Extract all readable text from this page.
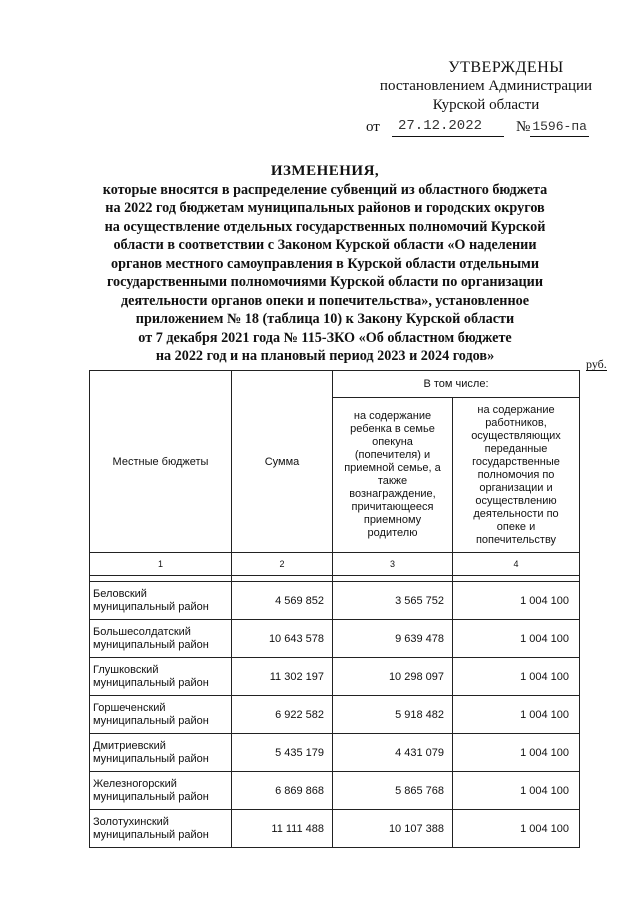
УТВЕРЖДЕНЫ
постановлением Администрации
Курской области
от	27.12.2022	№ 1596-па
ИЗМЕНЕНИЯ,
которые вносятся в распределение субвенций из областного бюджета
на 2022 год бюджетам муниципальных районов и городских округов
на осуществление отдельных государственных полномочий Курской
области в соответствии с Законом Курской области «О наделении
органов местного самоуправления в Курской области отдельными
государственными полномочиями Курской области по организации
деятельности органов опеки и попечительства», установленное
приложением № 18 (таблица 10) к Закону Курской области
от 7 декабря 2021 года № 115-ЗКО «Об областном бюджете
на 2022 год и на плановый период 2023 и 2024 годов»	руб.
Местные бюджеты	Сумма	В том числе:	

		на содержание ребенка в семье опекуна (попечителя) и приемной семье, а также вознаграждение, причитающееся приемному родителю	на содержание работников, осуществляющих переданные государственные полномочия по организации и осуществлению деятельности по опеке и попечительству

1	2	3	4

Беловский
муниципальный район	4 569 852	3 565 752	1 004 100
Большесолдатский
муниципальный район	10 643 578	9 639 478	1 004 100
Глушковский
муниципальный район	11 302 197	10 298 097	1 004 100
Горшеченский
муниципальный район	6 922 582	5 918 482	1 004 100
Дмитриевский
муниципальный район	5 435 179	4 431 079	1 004 100
Железногорский
муниципальный район	6 869 868	5 865 768	1 004 100
Золотухинский
муниципальный район	11 111 488	10 107 388	1 004 100
